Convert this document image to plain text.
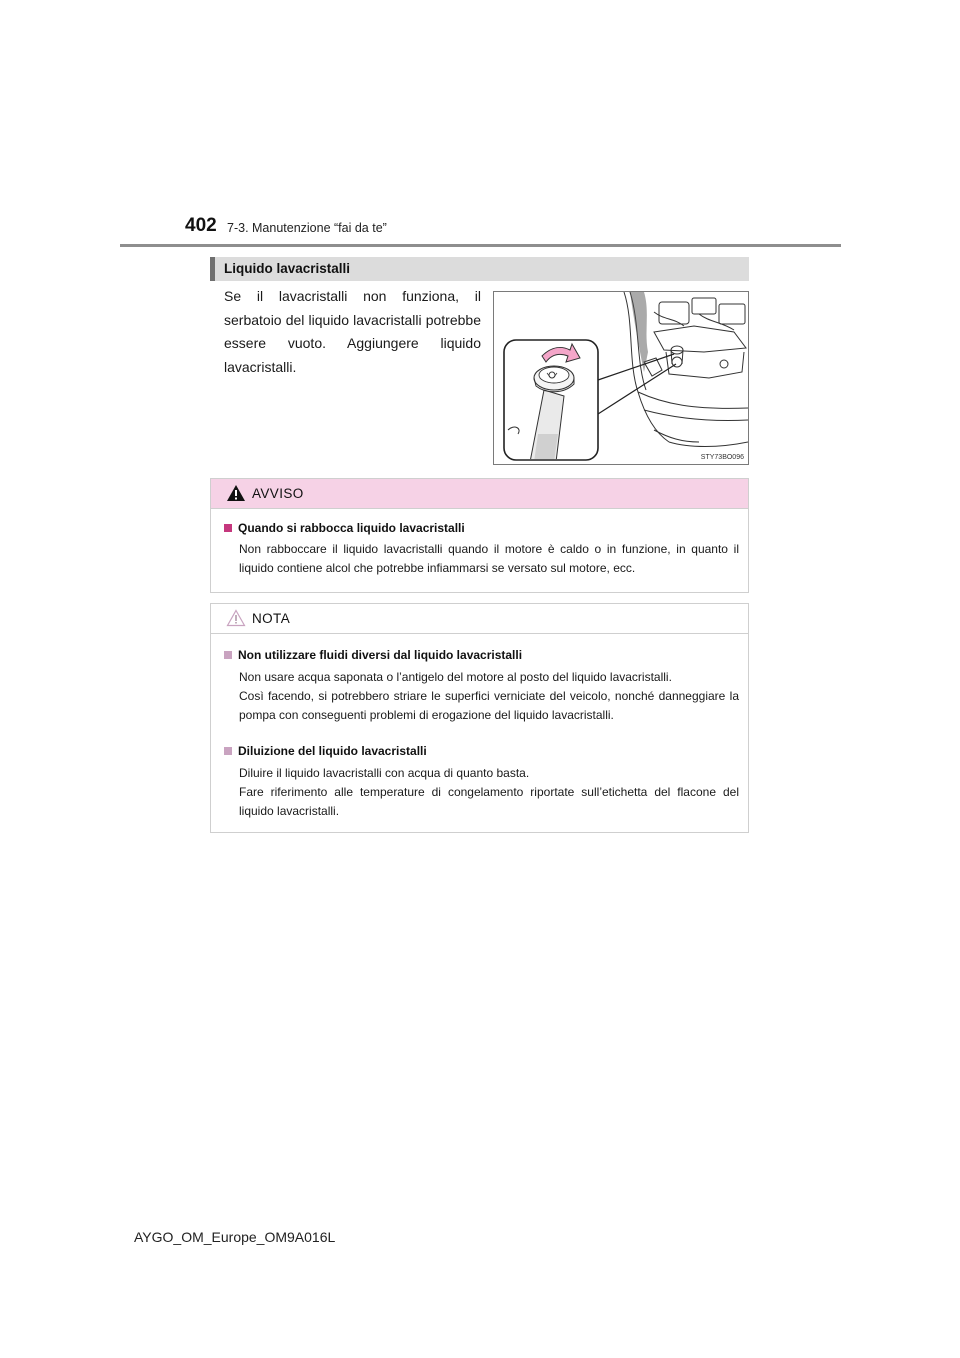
402 7-3. Manutenzione “fai da te”
Liquido lavacristalli
Se il lavacristalli non funziona, il serbatoio del liquido lavacristalli potrebbe essere vuoto. Aggiungere liquido lavacristalli.
STY73BO096
AVVISO
Quando si rabbocca liquido lavacristalli

Non rabboccare il liquido lavacristalli quando il motore è caldo o in funzione, in quanto il liquido contiene alcol che potrebbe infiammarsi se versato sul motore, ecc.

NOTA
Non utilizzare fluidi diversi dal liquido lavacristalli

Non usare acqua saponata o l’antigelo del motore al posto del liquido lavacristalli.

Così facendo, si potrebbero striare le superfici verniciate del veicolo, nonché danneggiare la pompa con conseguenti problemi di erogazione del liquido lavacristalli.

Diluizione del liquido lavacristalli

Diluire il liquido lavacristalli con acqua di quanto basta.

Fare riferimento alle temperature di congelamento riportate sull’etichetta del flacone del liquido lavacristalli.

AYGO_OM_Europe_OM9A016L
